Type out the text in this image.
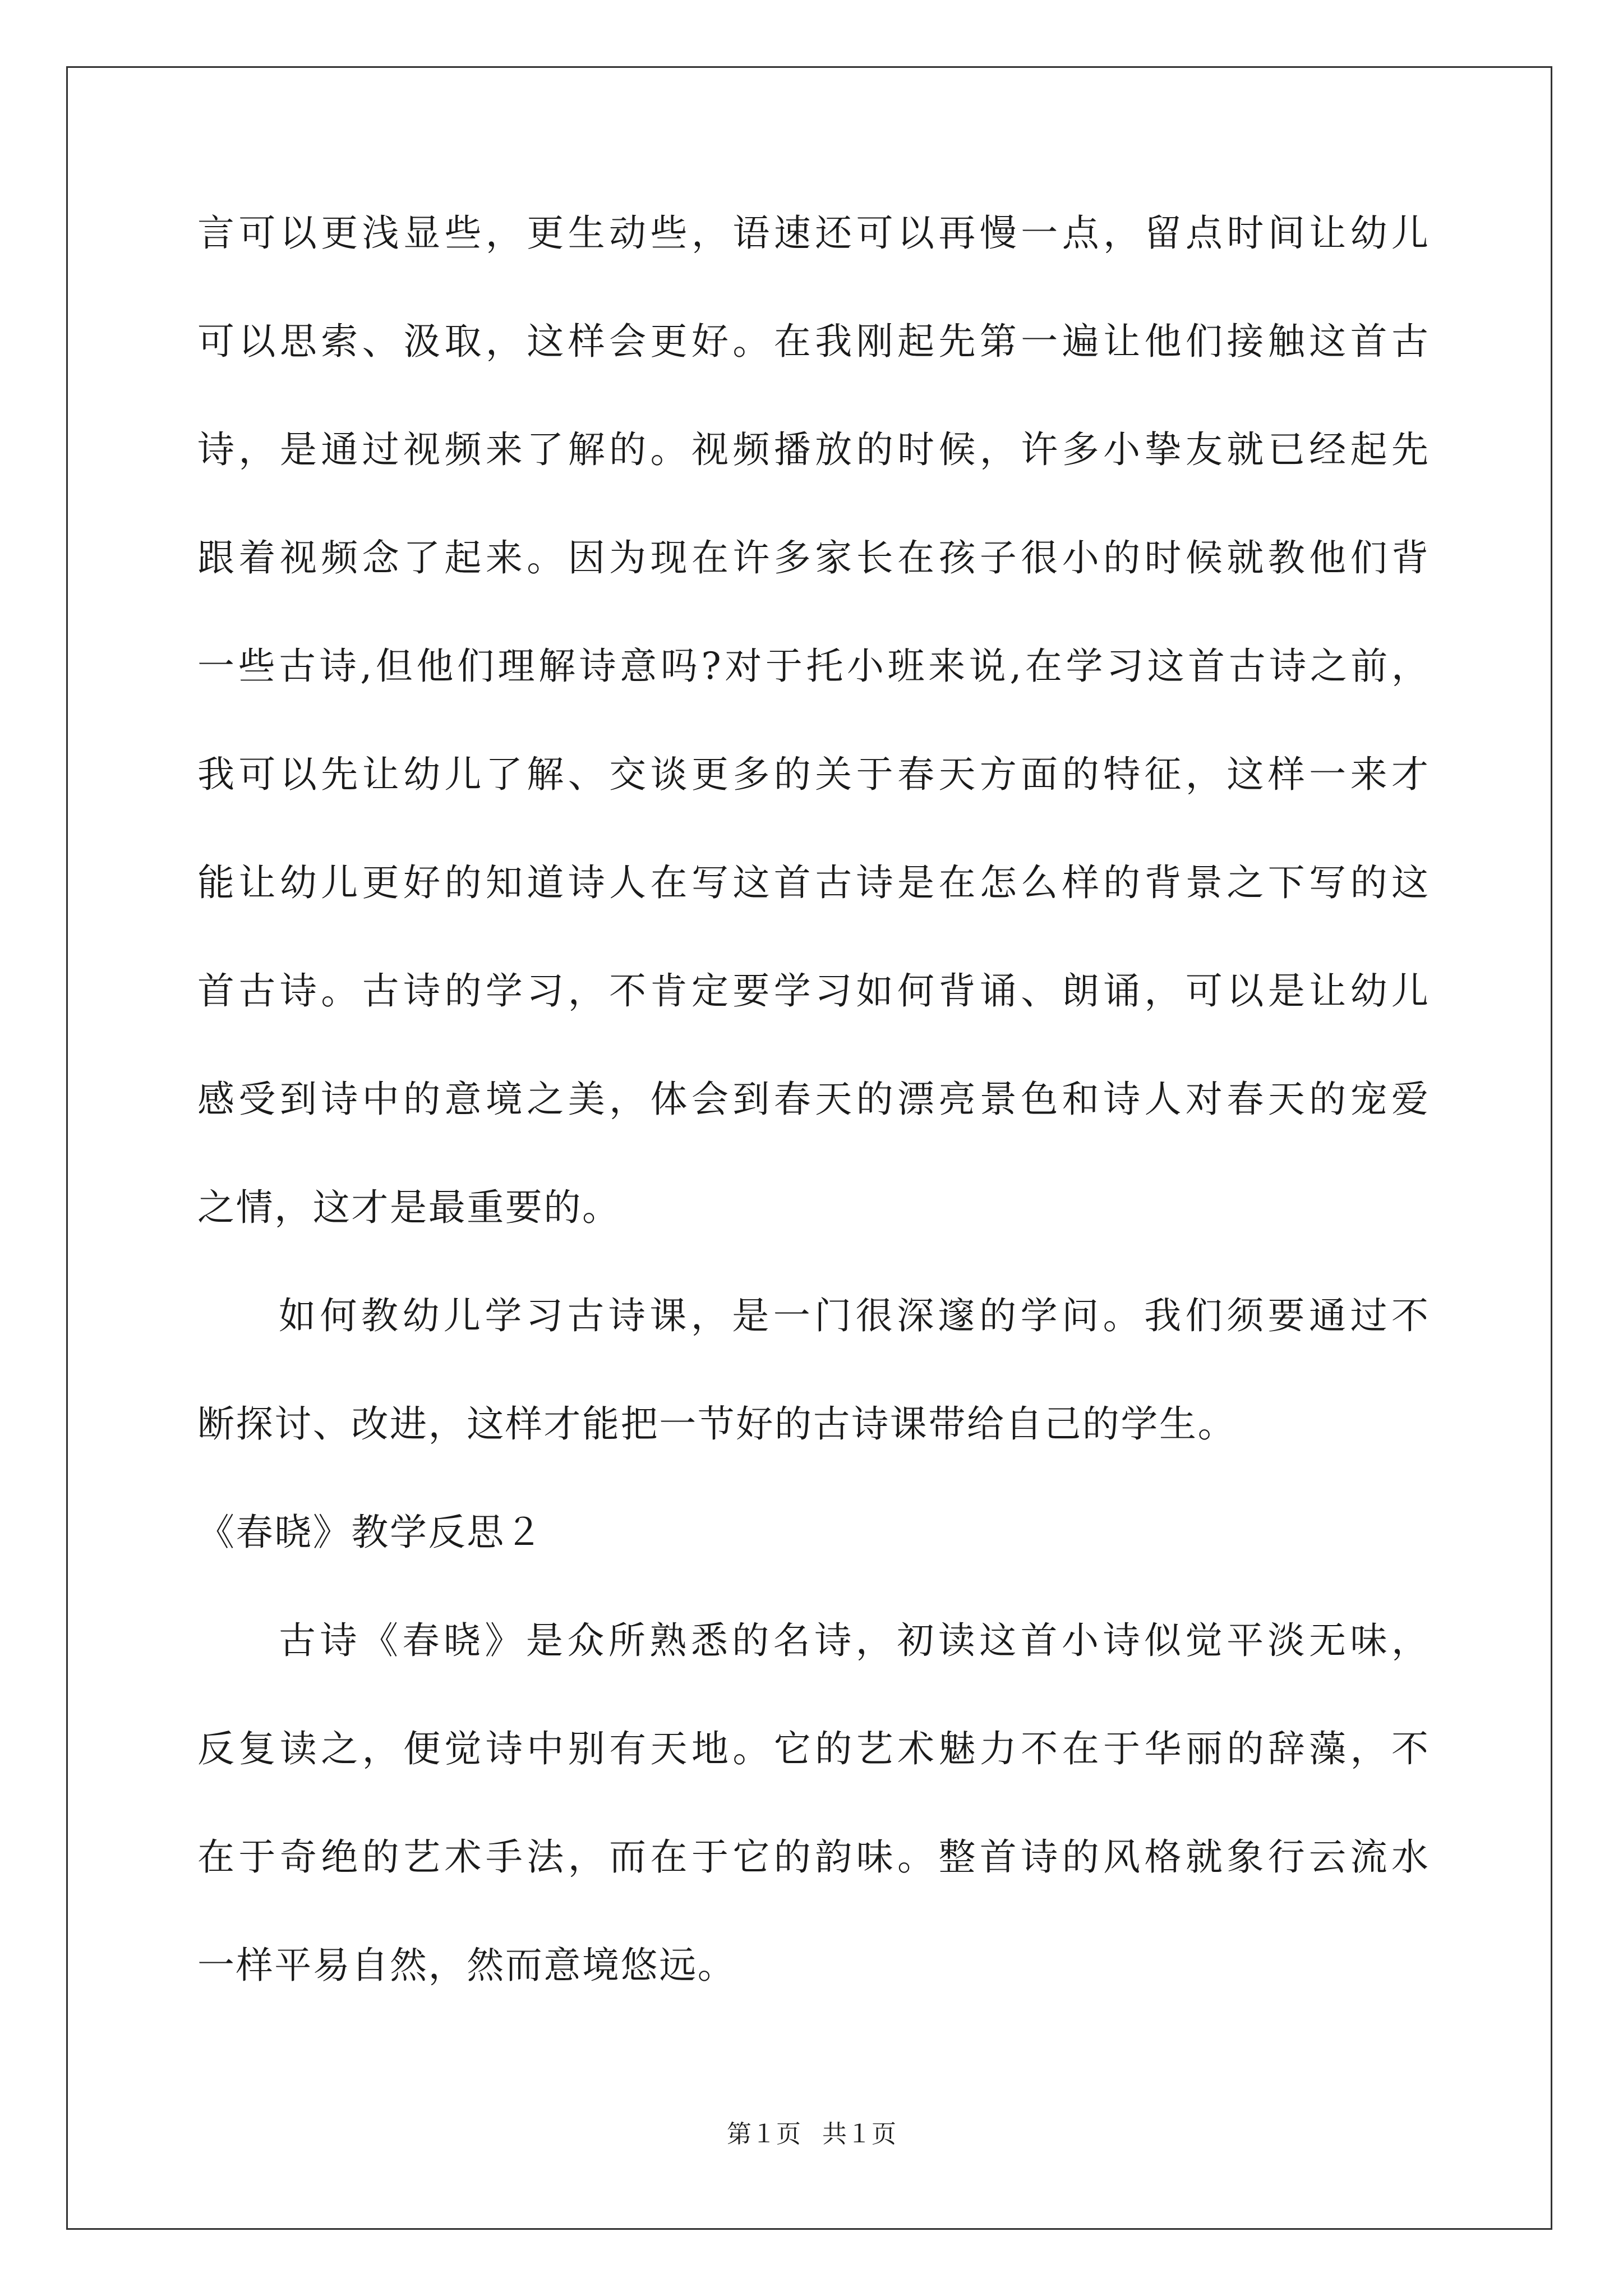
言可以更浅显些，更生动些，语速还可以再慢一点，留点时间让幼儿
可以思索、汲取，这样会更好。在我刚起先第一遍让他们接触这首古
诗，是通过视频来了解的。视频播放的时候，许多小挚友就已经起先
跟着视频念了起来。因为现在许多家长在孩子很小的时候就教他们背
一些古诗,但他们理解诗意吗?对于托小班来说,在学习这首古诗之前，
我可以先让幼儿了解、交谈更多的关于春天方面的特征，这样一来才
能让幼儿更好的知道诗人在写这首古诗是在怎么样的背景之下写的这
首古诗。古诗的学习，不肯定要学习如何背诵、朗诵，可以是让幼儿
感受到诗中的意境之美，体会到春天的漂亮景色和诗人对春天的宠爱
之情，这才是最重要的。
如何教幼儿学习古诗课，是一门很深邃的学问。我们须要通过不
断探讨、改进，这样才能把一节好的古诗课带给自己的学生。
《春晓》教学反思２
古诗《春晓》是众所熟悉的名诗，初读这首小诗似觉平淡无味，
反复读之，便觉诗中别有天地。它的艺术魅力不在于华丽的辞藻，不
在于奇绝的艺术手法，而在于它的韵味。整首诗的风格就象行云流水
一样平易自然，然而意境悠远。
第１页 共１页
